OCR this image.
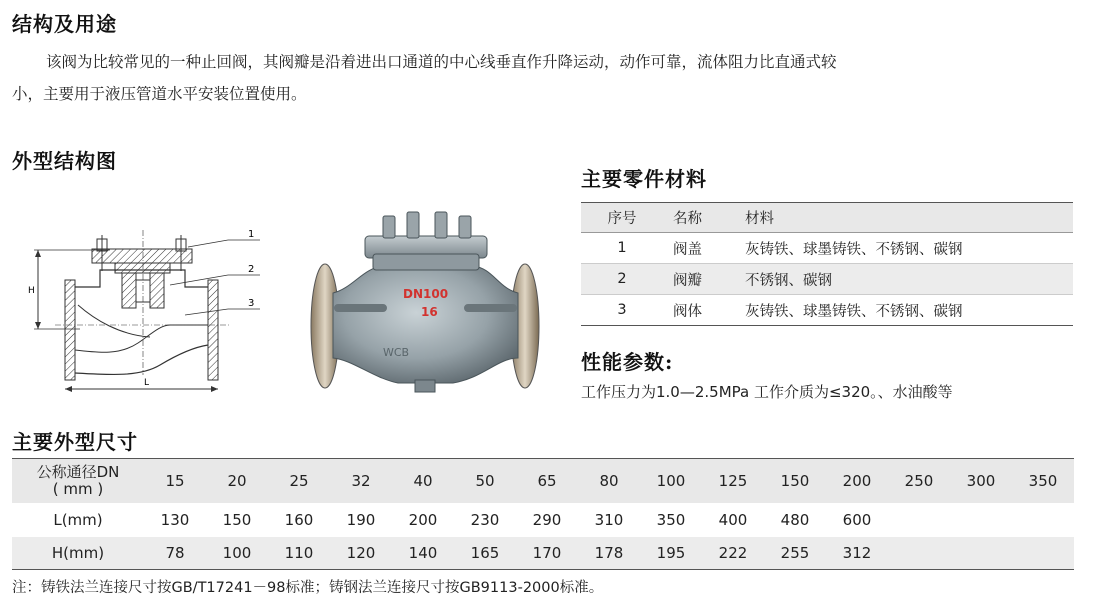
结构及用途
该阀为比较常见的一种止回阀，其阀瓣是沿着进出口通道的中心线垂直作升降运动，动作可靠，流体阻力比直通式较
小，主要用于液压管道水平安装位置使用。
外型结构图
H
L
1
2
3
DN100
16
WCB
主要零件材料
序号	名称	材料
1	阀盖	灰铸铁、球墨铸铁、不锈钢、碳钢
2	阀瓣	不锈钢、碳钢
3	阀体	灰铸铁、球墨铸铁、不锈钢、碳钢
性能参数:
工作压力为1.0—2.5MPa 工作介质为≤320。、水油酸等
主要外型尺寸
公称通径DN
( mm )	15	20	25	32	40	50	65	80	100	125	150	200	250	300	350
L(mm)	130	150	160	190	200	230	290	310	350	400	480	600			
H(mm)	78	100	110	120	140	165	170	178	195	222	255	312			
注：铸铁法兰连接尺寸按GB/T17241－98标准；铸钢法兰连接尺寸按GB9113-2000标准。
